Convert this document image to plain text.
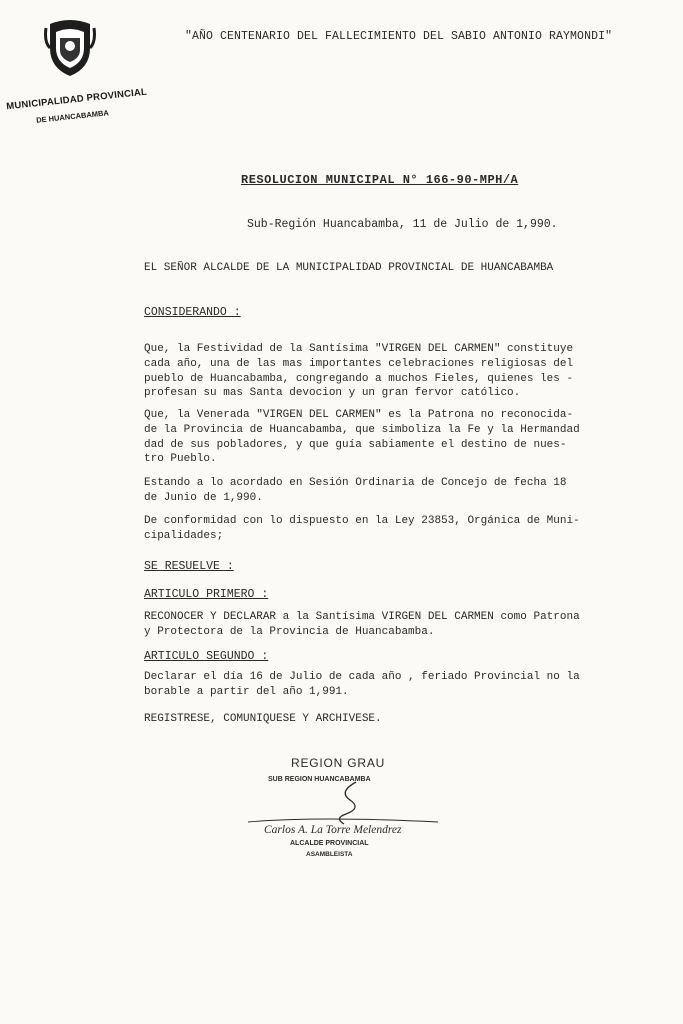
MUNICIPALIDAD PROVINCIAL
DE HUANCABAMBA
"AÑO CENTENARIO DEL FALLECIMIENTO DEL SABIO ANTONIO RAYMONDI"
RESOLUCION MUNICIPAL N° 166-90-MPH/A
Sub-Región Huancabamba, 11 de Julio de 1,990.
EL SEÑOR ALCALDE DE LA MUNICIPALIDAD PROVINCIAL DE HUANCABAMBA
CONSIDERANDO :
Que, la Festividad de la Santísima "VIRGEN DEL CARMEN" constituye
cada año, una de las mas importantes celebraciones religiosas del
pueblo de Huancabamba, congregando a muchos Fieles, quienes les -
profesan su mas Santa devocion y un gran fervor católico.
Que, la Venerada "VIRGEN DEL CARMEN" es la Patrona no reconocida-
de la Provincia de Huancabamba, que simboliza la Fe y la Hermandad
dad de sus pobladores, y que guía sabiamente el destino de nues-
tro Pueblo.
Estando a lo acordado en Sesión Ordinaria de Concejo de fecha 18
de Junio de 1,990.
De conformidad con lo dispuesto en la Ley 23853, Orgánica de Muni-
cipalidades;
SE RESUELVE :
ARTICULO PRIMERO :
RECONOCER Y DECLARAR a la Santísima VIRGEN DEL CARMEN como Patrona
y Protectora de la Provincia de Huancabamba.
ARTICULO SEGUNDO :
Declarar el día 16 de Julio de cada año , feriado Provincial no la
borable a partir del año 1,991.
REGISTRESE, COMUNIQUESE Y ARCHIVESE.
REGION GRAU
SUB REGION HUANCABAMBA
Carlos A. La Torre Melendrez
ALCALDE PROVINCIAL
ASAMBLEISTA
